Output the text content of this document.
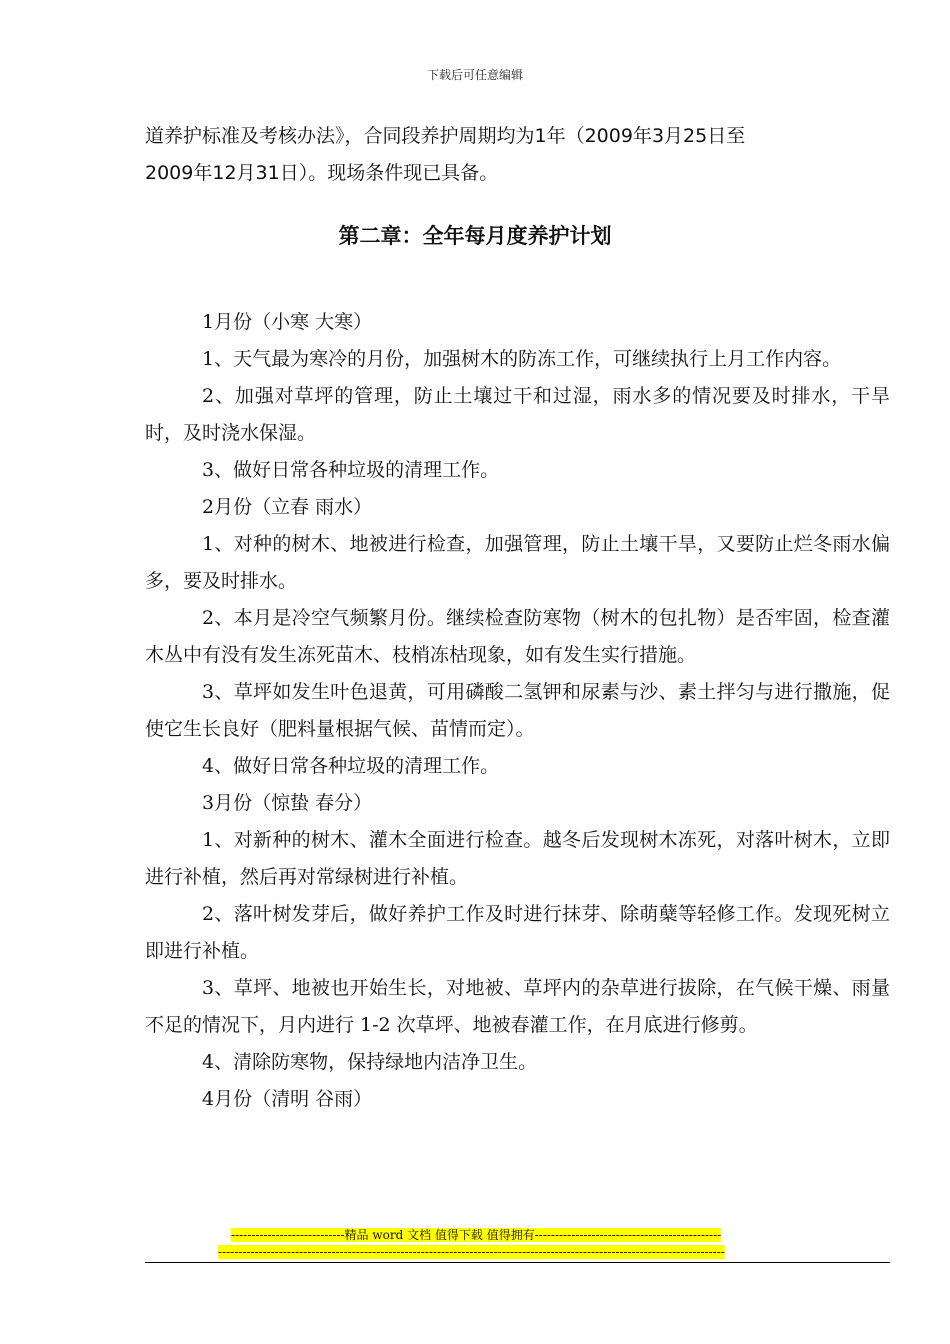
下载后可任意编辑

道养护标准及考核办法》，合同段养护周期均为1年（2009年3月25日至

2009年12月31日）。现场条件现已具备。

第二章：全年每月度养护计划

1月份（小寒 大寒）

1、天气最为寒冷的月份，加强树木的防冻工作，可继续执行上月工作内容。

2、加强对草坪的管理，防止土壤过干和过湿，雨水多的情况要及时排水，干旱时，及时浇水保湿。

3、做好日常各种垃圾的清理工作。

2月份（立春 雨水）

1、对种的树木、地被进行检查，加强管理，防止土壤干旱，又要防止烂冬雨水偏多，要及时排水。

2、本月是冷空气频繁月份。继续检查防寒物（树木的包扎物）是否牢固，检查灌木丛中有没有发生冻死苗木、枝梢冻枯现象，如有发生实行措施。

3、草坪如发生叶色退黄，可用磷酸二氢钾和尿素与沙、素土拌匀与进行撒施，促使它生长良好（肥料量根据气候、苗情而定）。

4、做好日常各种垃圾的清理工作。

3月份（惊蛰 春分）

1、对新种的树木、灌木全面进行检查。越冬后发现树木冻死，对落叶树木，立即进行补植，然后再对常绿树进行补植。

2、落叶树发芽后，做好养护工作及时进行抹芽、除萌蘖等轻修工作。发现死树立即进行补植。

3、草坪、地被也开始生长，对地被、草坪内的杂草进行拔除，在气候干燥、雨量不足的情况下，月内进行 1-2 次草坪、地被春灌工作，在月底进行修剪。

4、清除防寒物，保持绿地内洁净卫生。

4月份（清明 谷雨）

----------------------------精品 word 文档 值得下载 值得拥有----------------------------------------------
-----------------------------------------------------------------------------------------------------------------------------
